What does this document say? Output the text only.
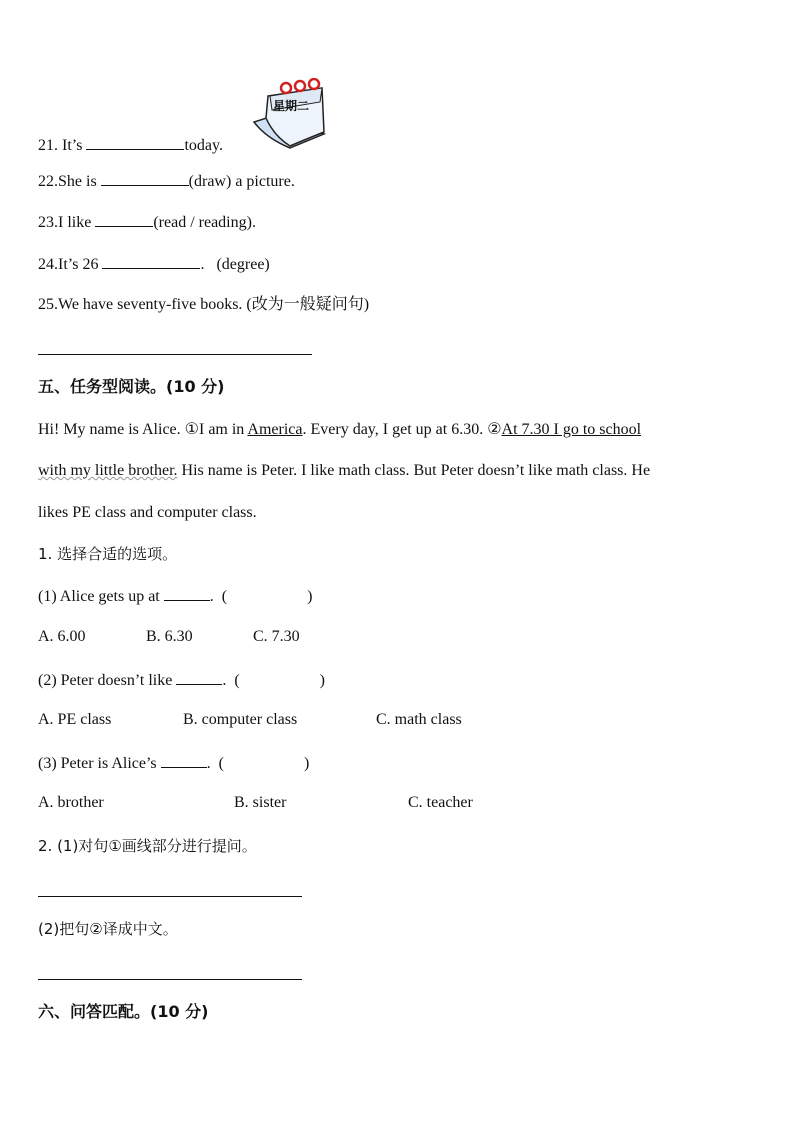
星期二
21. It’s	today.
22.She is	(draw) a picture.
23.I like	(read / reading).
24.It’s 26	.   (degree)
25.We have seventy-five books. (改为一般疑问句)
五、任务型阅读。(10 分)
Hi! My name is Alice. ①I am in America. Every day, I get up at 6.30. ②At 7.30 I go to school
with my little brother. His name is Peter. I like math class. But Peter doesn’t like math class. He
likes PE class and computer class.
1. 选择合适的选项。
(1) Alice gets up at	.  (	)
A. 6.00	B. 6.30	C. 7.30
(2) Peter doesn’t like	.  (	)
A. PE class	B. computer class	C. math class
(3) Peter is Alice’s	.  (	)
A. brother	B. sister	C. teacher
2. (1)对句①画线部分进行提问。
(2)把句②译成中文。
六、问答匹配。(10 分)
